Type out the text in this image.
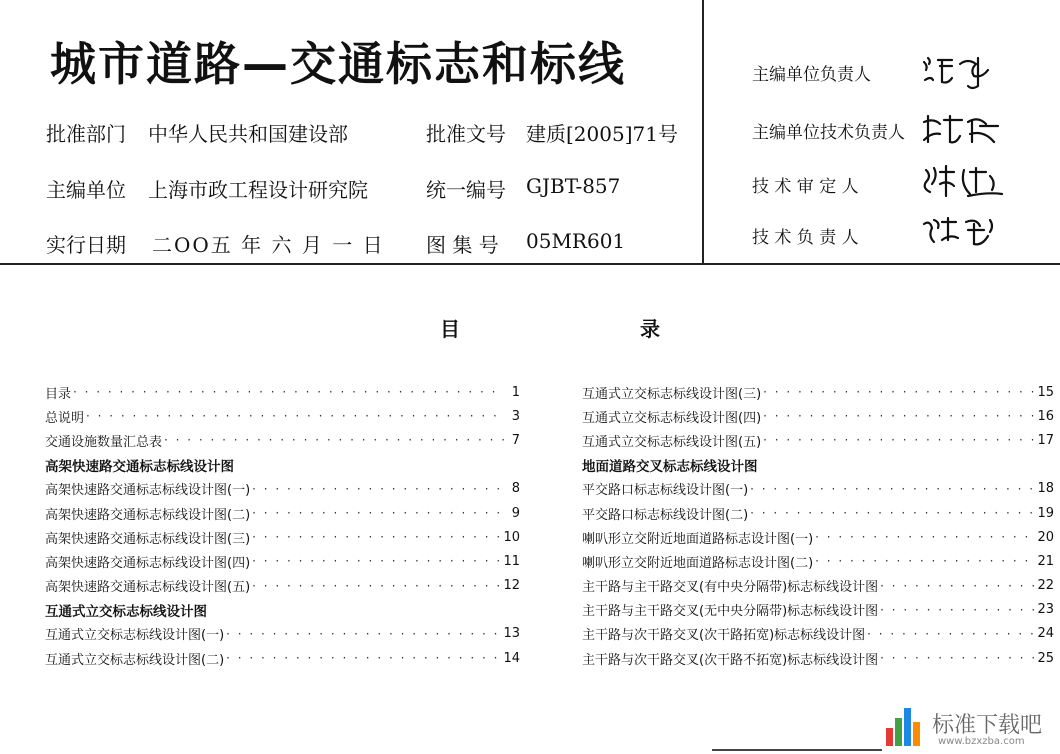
城市道路—交通标志和标线
批准部门 中华人民共和国建设部
主编单位 上海市政工程设计研究院
实行日期 二OO五 年 六 月 一 日
批准文号 建质[2005]71号
统一编号 GJBT-857
图 集 号 05MR601
主编单位负责人
主编单位技术负责人
技 术 审 定 人
技 术 负 责 人
目	录
目录 · · ·	1
总说明 · · ·	3
交通设施数量汇总表 · · ·	7
高架快速路交通标志标线设计图
高架快速路交通标志标线设计图(一) · · ·	8
高架快速路交通标志标线设计图(二) · · ·	9
高架快速路交通标志标线设计图(三) · · ·	10
高架快速路交通标志标线设计图(四) · · ·	11
高架快速路交通标志标线设计图(五) · · ·	12
互通式立交标志标线设计图
互通式立交标志标线设计图(一) · · ·	13
互通式立交标志标线设计图(二) · · ·	14
互通式立交标志标线设计图(三) · · ·	15
互通式立交标志标线设计图(四) · · ·	16
互通式立交标志标线设计图(五) · · ·	17
地面道路交叉标志标线设计图
平交路口标志标线设计图(一) · · ·	18
平交路口标志标线设计图(二) · · ·	19
喇叭形立交附近地面道路标志设计图(一) · · ·	20
喇叭形立交附近地面道路标志设计图(二) · · ·	21
主干路与主干路交叉(有中央分隔带)标志标线设计图 · · ·	22
主干路与主干路交叉(无中央分隔带)标志标线设计图 · · ·	23
主干路与次干路交叉(次干路拓宽)标志标线设计图 · · ·	24
主干路与次干路交叉(次干路不拓宽)标志标线设计图 · · ·	25
标准下载吧
www.bzxzba.com
